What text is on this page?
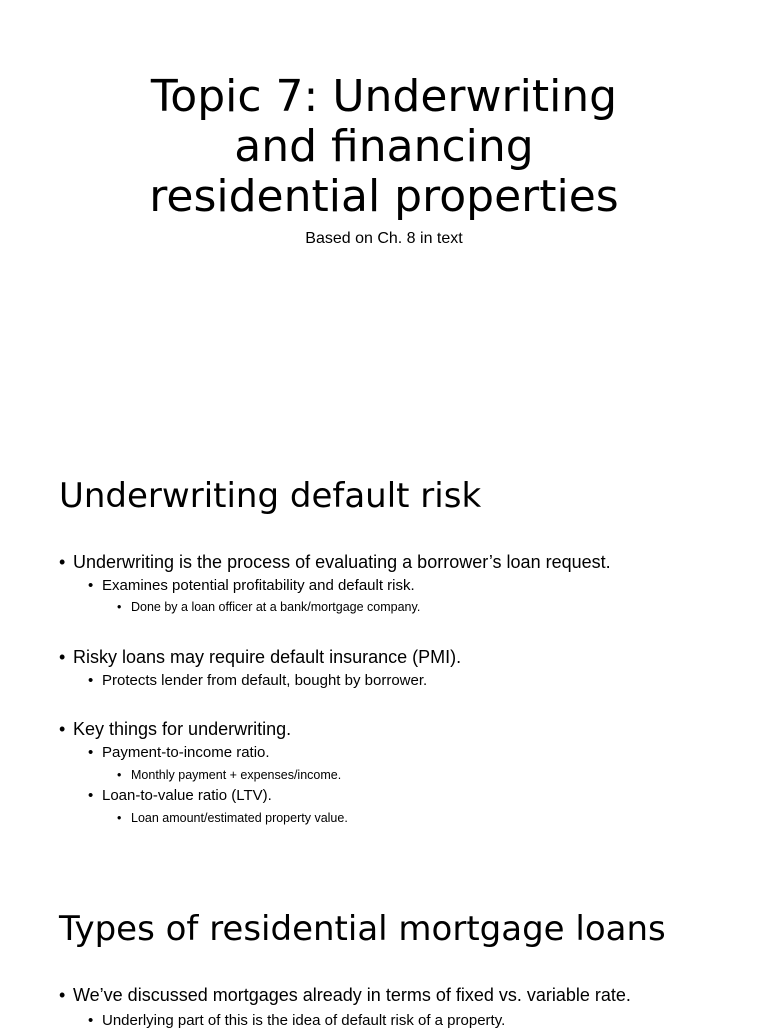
Topic 7: Underwriting
and financing
residential properties
Based on Ch. 8 in text
Underwriting default risk
• Underwriting is the process of evaluating a borrower’s loan request.
• Examines potential profitability and default risk.
• Done by a loan officer at a bank/mortgage company.
• Risky loans may require default insurance (PMI).
• Protects lender from default, bought by borrower.
• Key things for underwriting.
• Payment-to-income ratio.
• Monthly payment + expenses/income.
• Loan-to-value ratio (LTV).
• Loan amount/estimated property value.
Types of residential mortgage loans
• We’ve discussed mortgages already in terms of fixed vs. variable rate.
• Underlying part of this is the idea of default risk of a property.
